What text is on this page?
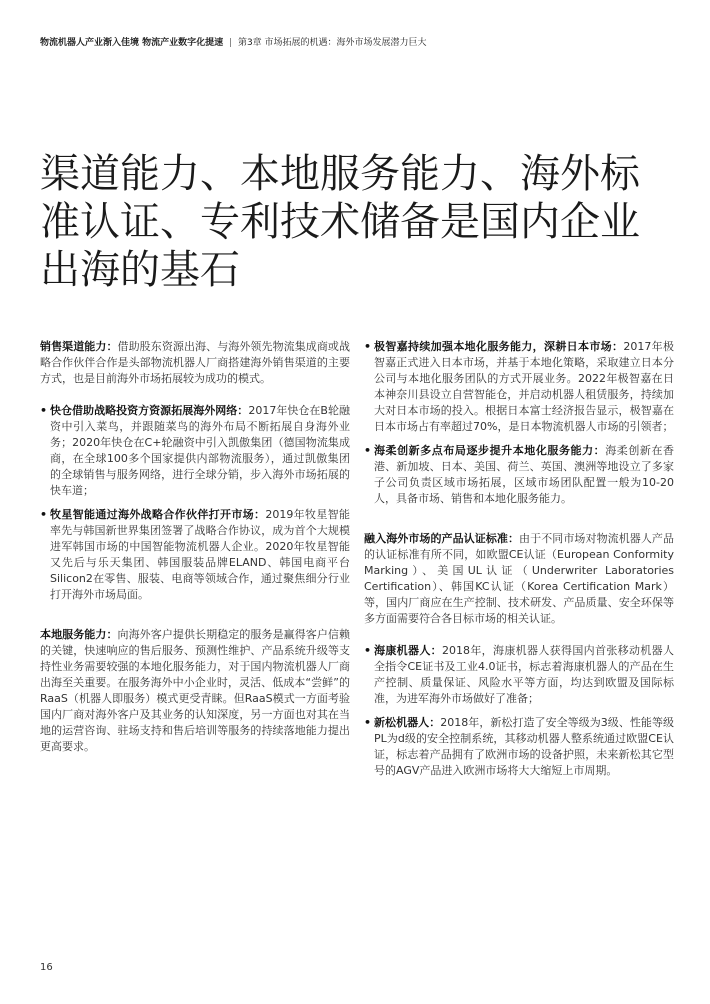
物流机器人产业渐入佳境 物流产业数字化提速 | 第3章 市场拓展的机遇：海外市场发展潜力巨大
渠道能力、本地服务能力、海外标
准认证、专利技术储备是国内企业
出海的基石

销售渠道能力：借助股东资源出海、与海外领先物流集成商或战略合作伙伴合作是头部物流机器人厂商搭建海外销售渠道的主要方式，也是目前海外市场拓展较为成功的模式。

• 快仓借助战略投资方资源拓展海外网络：2017年快仓在B轮融资中引入菜鸟，并跟随菜鸟的海外布局不断拓展自身海外业务；2020年快仓在C+轮融资中引入凯傲集团（德国物流集成商，在全球100多个国家提供内部物流服务），通过凯傲集团的全球销售与服务网络，进行全球分销，步入海外市场拓展的快车道；
• 牧星智能通过海外战略合作伙伴打开市场：2019年牧星智能率先与韩国新世界集团签署了战略合作协议，成为首个大规模进军韩国市场的中国智能物流机器人企业。2020年牧星智能又先后与乐天集团、韩国服装品牌ELAND、韩国电商平台Silicon2在零售、服装、电商等领域合作，通过聚焦细分行业打开海外市场局面。

本地服务能力：向海外客户提供长期稳定的服务是赢得客户信赖的关键，快速响应的售后服务、预测性维护、产品系统升级等支持性业务需要较强的本地化服务能力，对于国内物流机器人厂商出海至关重要。在服务海外中小企业时，灵活、低成本“尝鲜”的RaaS（机器人即服务）模式更受青睐。但RaaS模式一方面考验国内厂商对海外客户及其业务的认知深度，另一方面也对其在当地的运营咨询、驻场支持和售后培训等服务的持续落地能力提出更高要求。

• 极智嘉持续加强本地化服务能力，深耕日本市场：2017年极智嘉正式进入日本市场，并基于本地化策略，采取建立日本分公司与本地化服务团队的方式开展业务。2022年极智嘉在日本神奈川县设立自营智能仓，并启动机器人租赁服务，持续加大对日本市场的投入。根据日本富士经济报告显示，极智嘉在日本市场占有率超过70%，是日本物流机器人市场的引领者；
• 海柔创新多点布局逐步提升本地化服务能力：海柔创新在香港、新加坡、日本、美国、荷兰、英国、澳洲等地设立了多家子公司负责区域市场拓展，区域市场团队配置一般为10-20人，具备市场、销售和本地化服务能力。

融入海外市场的产品认证标准：由于不同市场对物流机器人产品的认证标准有所不同，如欧盟CE认证（European Conformity Marking）、美国UL认证（Underwriter Laboratories Certification）、韩国KC认证（Korea Certification Mark）等，国内厂商应在生产控制、技术研发、产品质量、安全环保等多方面需要符合各目标市场的相关认证。

• 海康机器人：2018年，海康机器人获得国内首张移动机器人全指令CE证书及工业4.0证书，标志着海康机器人的产品在生产控制、质量保证、风险水平等方面，均达到欧盟及国际标准，为进军海外市场做好了准备；
• 新松机器人：2018年，新松打造了安全等级为3级、性能等级PL为d级的安全控制系统，其移动机器人整系统通过欧盟CE认证，标志着产品拥有了欧洲市场的设备护照，未来新松其它型号的AGV产品进入欧洲市场将大大缩短上市周期。
16
